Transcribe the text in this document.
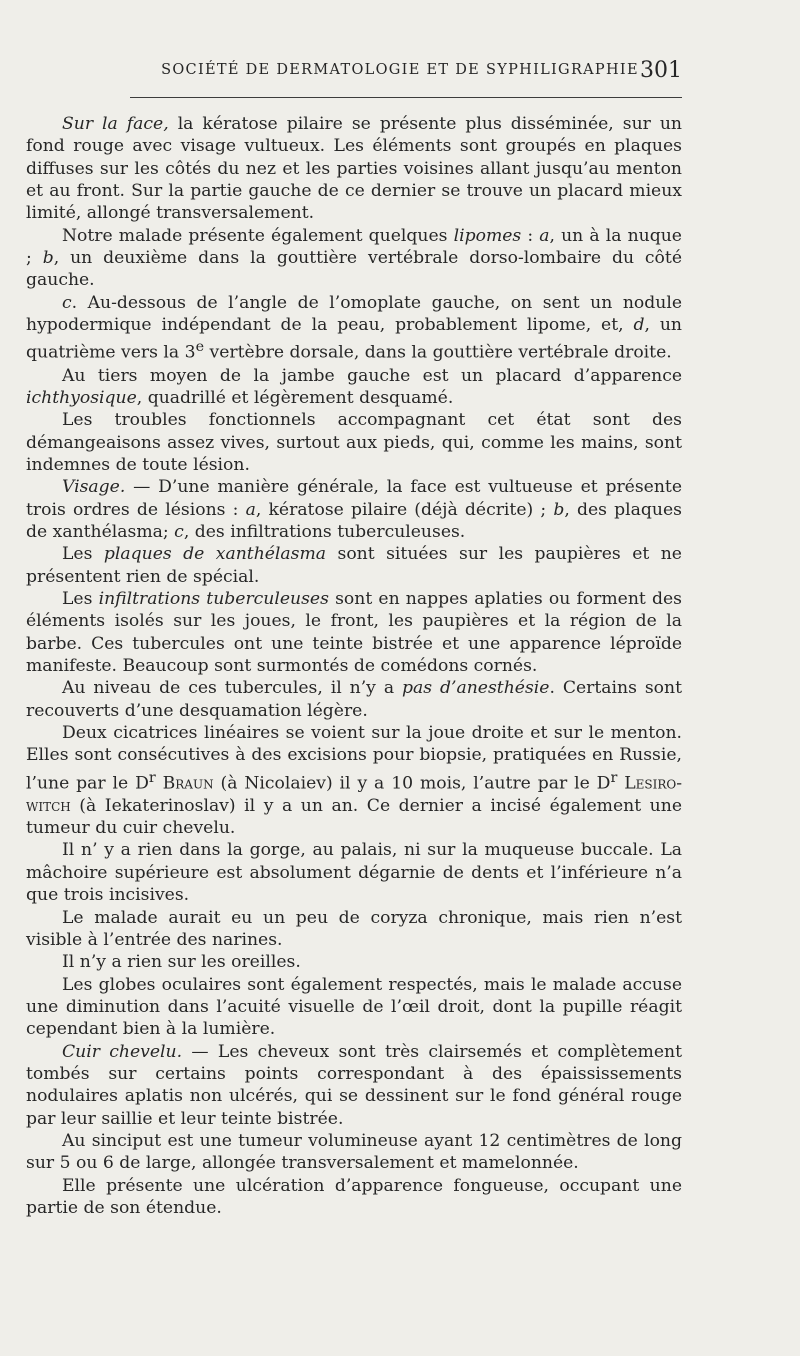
SOCIÉTÉ DE DERMATOLOGIE ET DE SYPHILIGRAPHIE 301

Sur la face, la kératose pilaire se présente plus disséminée, sur un fond rouge avec visage vultueux. Les éléments sont groupés en plaques diffuses sur les côtés du nez et les parties voisines allant jusqu’au menton et au front. Sur la partie gauche de ce dernier se trouve un placard mieux limité, allongé transversalement.

Notre malade présente également quelques lipomes : a, un à la nuque ; b, un deuxième dans la gouttière vertébrale dorso-lombaire du côté gauche.

c. Au-dessous de l’angle de l’omoplate gauche, on sent un nodule hypodermique indépendant de la peau, probablement lipome, et, d, un quatrième vers la 3e vertèbre dorsale, dans la gouttière vertébrale droite.

Au tiers moyen de la jambe gauche est un placard d’apparence ichthyosique, quadrillé et légèrement desquamé.

Les troubles fonctionnels accompagnant cet état sont des démangeaisons assez vives, surtout aux pieds, qui, comme les mains, sont indemnes de toute lésion.

Visage. — D’une manière générale, la face est vultueuse et présente trois ordres de lésions : a, kératose pilaire (déjà décrite) ; b, des plaques de xanthélasma; c, des infiltrations tuberculeuses.

Les plaques de xanthélasma sont situées sur les paupières et ne présentent rien de spécial.

Les infiltrations tuberculeuses sont en nappes aplaties ou forment des éléments isolés sur les joues, le front, les paupières et la région de la barbe. Ces tubercules ont une teinte bistrée et une apparence léproïde manifeste. Beaucoup sont surmontés de comédons cornés.

Au niveau de ces tubercules, il n’y a pas d’anesthésie. Certains sont recouverts d’une desquamation légère.

Deux cicatrices linéaires se voient sur la joue droite et sur le menton. Elles sont consécutives à des excisions pour biopsie, pratiquées en Russie, l’une par le $D^r$ Braun (à Nicolaiev) il y a 10 mois, l’autre par le $D^r$ Lesiro-witch (à Iekaterinoslav) il y a un an. Ce dernier a incisé également une tumeur du cuir chevelu.

Il n’ y a rien dans la gorge, au palais, ni sur la muqueuse buccale. La mâchoire supérieure est absolument dégarnie de dents et l’inférieure n’a que trois incisives.

Le malade aurait eu un peu de coryza chronique, mais rien n’est visible à l’entrée des narines.

Il n’y a rien sur les oreilles.

Les globes oculaires sont également respectés, mais le malade accuse une diminution dans l’acuité visuelle de l’œil droit, dont la pupille réagit cependant bien à la lumière.

Cuir chevelu. — Les cheveux sont très clairsemés et complètement tombés sur certains points correspondant à des épaississements nodulaires aplatis non ulcérés, qui se dessinent sur le fond général rouge par leur saillie et leur teinte bistrée.

Au sinciput est une tumeur volumineuse ayant 12 centimètres de long sur 5 ou 6 de large, allongée transversalement et mamelonnée.

Elle présente une ulcération d’apparence fongueuse, occupant une partie de son étendue.
